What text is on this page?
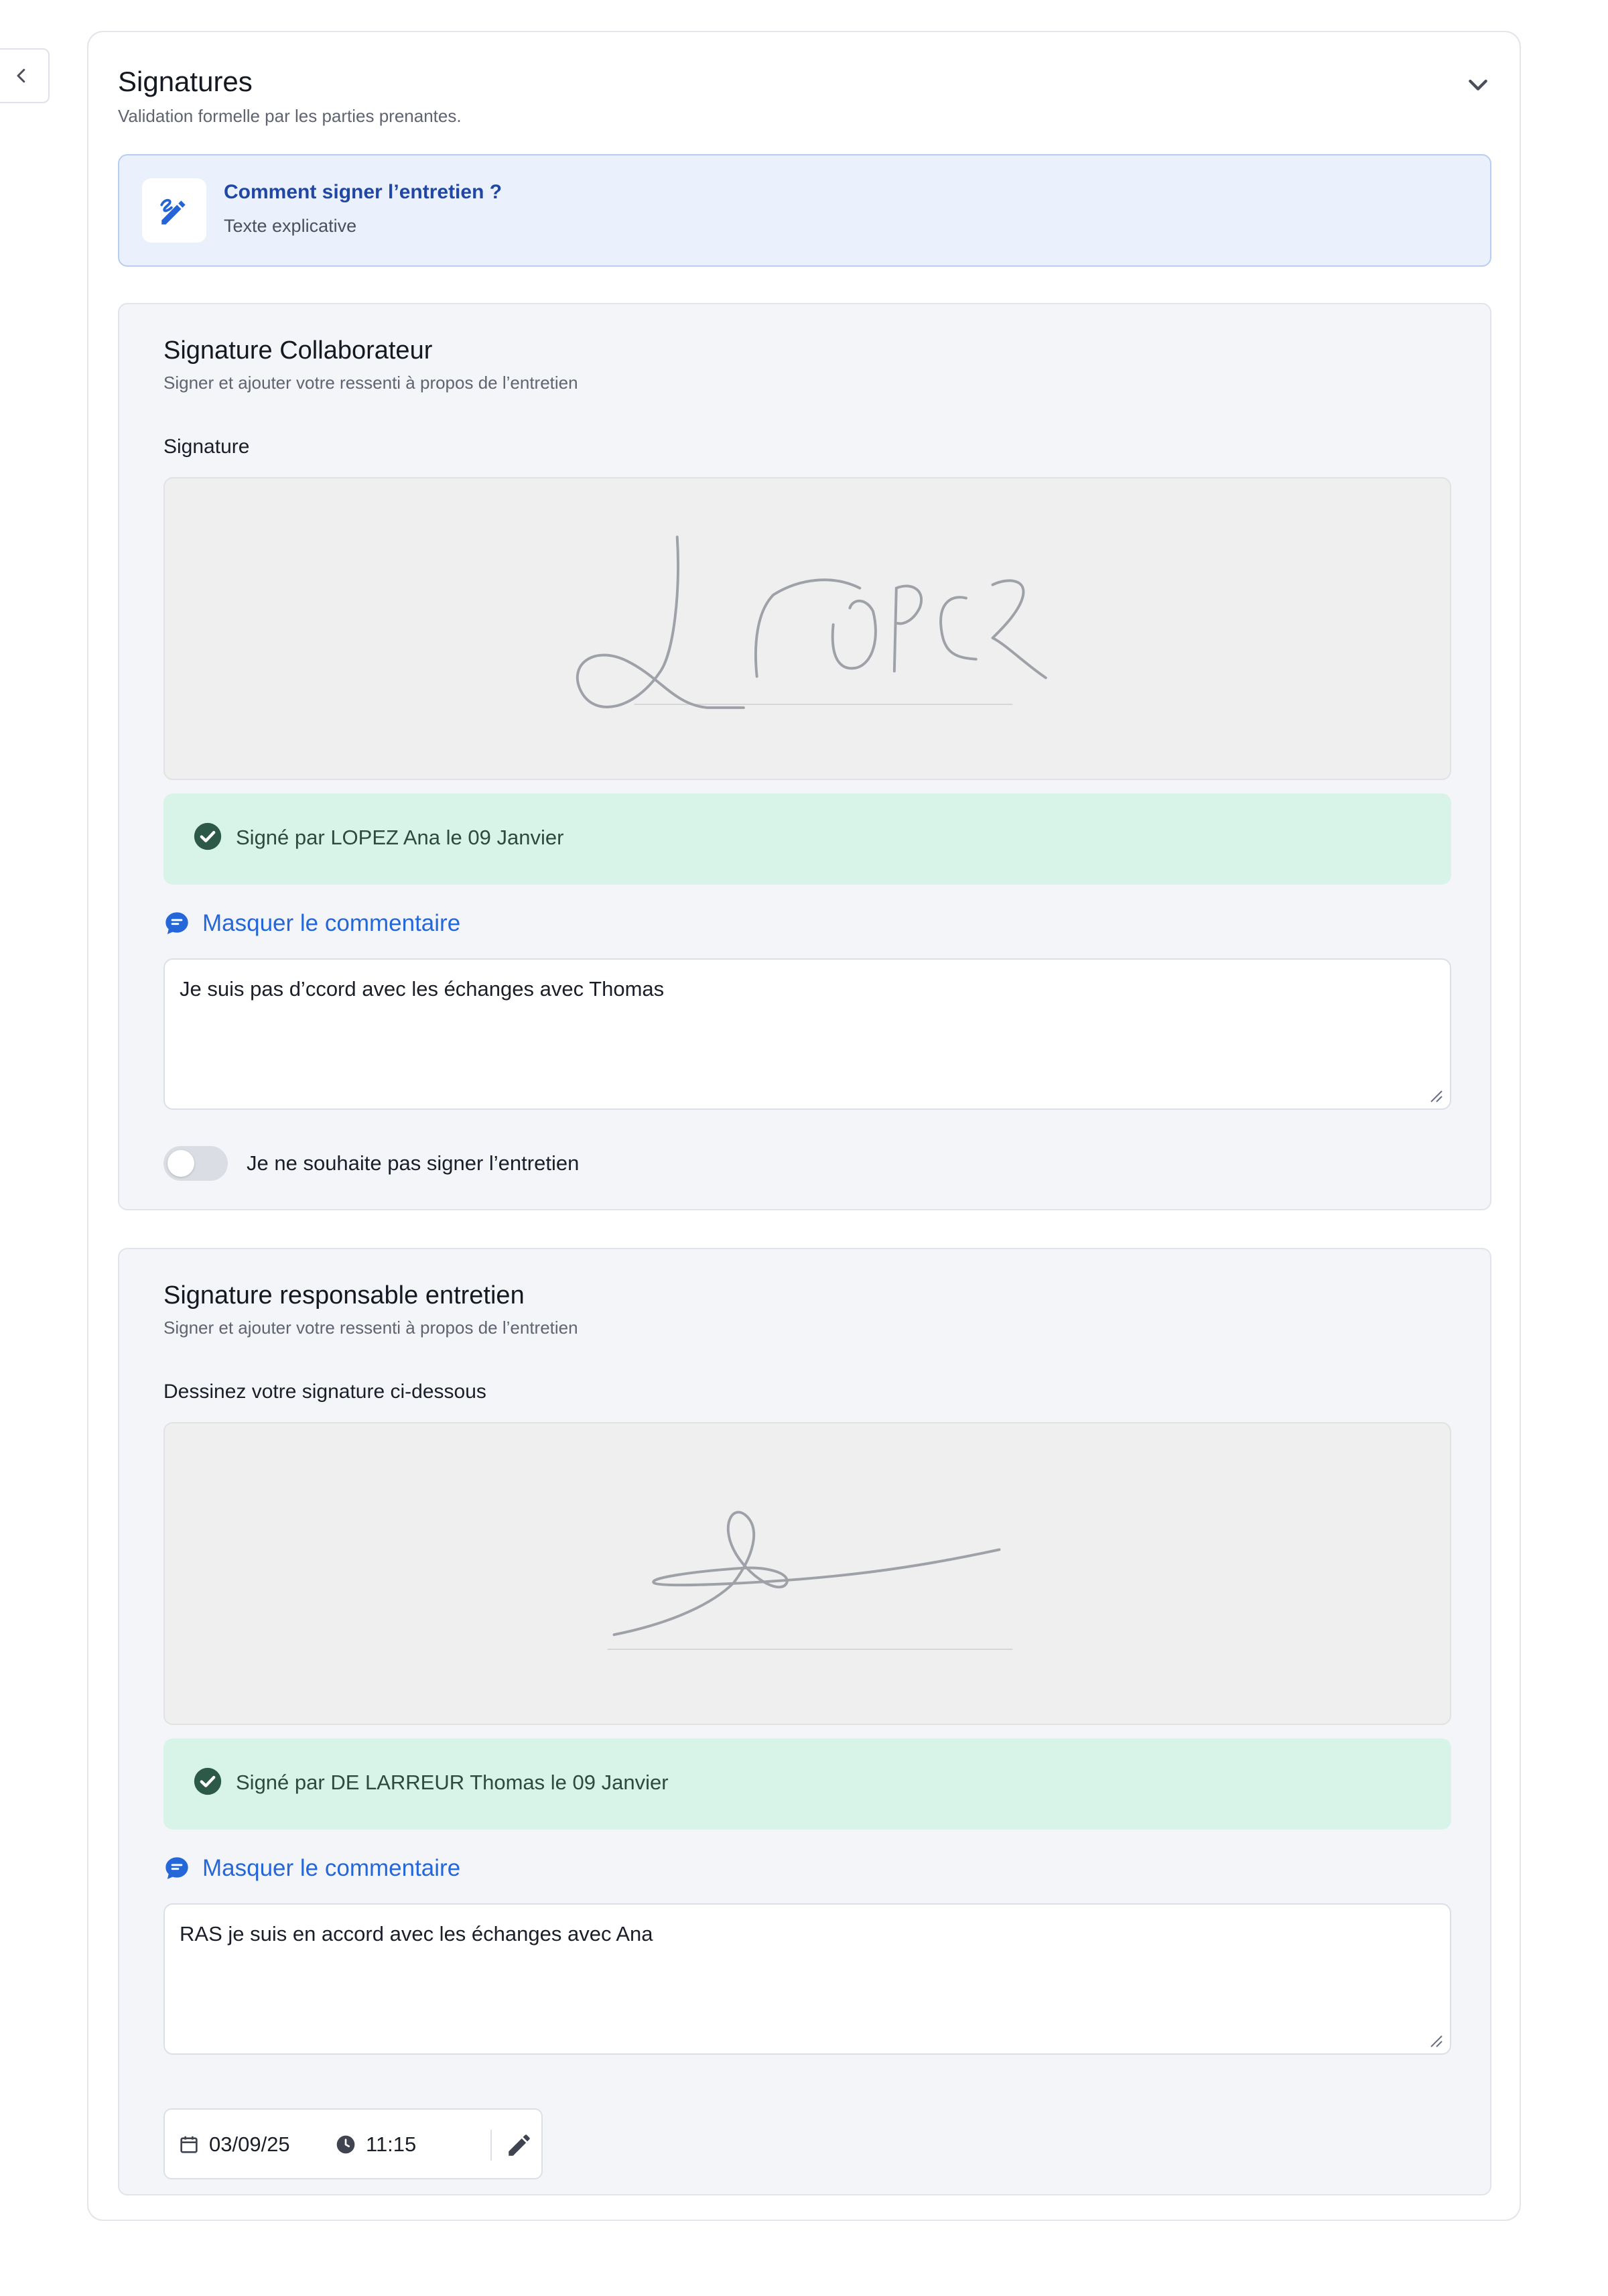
Signatures
Validation formelle par les parties prenantes.
Comment signer l’entretien ?
Texte explicative
Signature Collaborateur
Signer et ajouter votre ressenti à propos de l’entretien
Signature
Signé par LOPEZ Ana le 09 Janvier
Masquer le commentaire
Je suis pas d’ccord avec les échanges avec Thomas
Je ne souhaite pas signer l’entretien
Signature responsable entretien
Signer et ajouter votre ressenti à propos de l’entretien
Dessinez votre signature ci-dessous
Signé par DE LARREUR Thomas le 09 Janvier
Masquer le commentaire
RAS je suis en accord avec les échanges avec Ana
03/09/25	11:15
